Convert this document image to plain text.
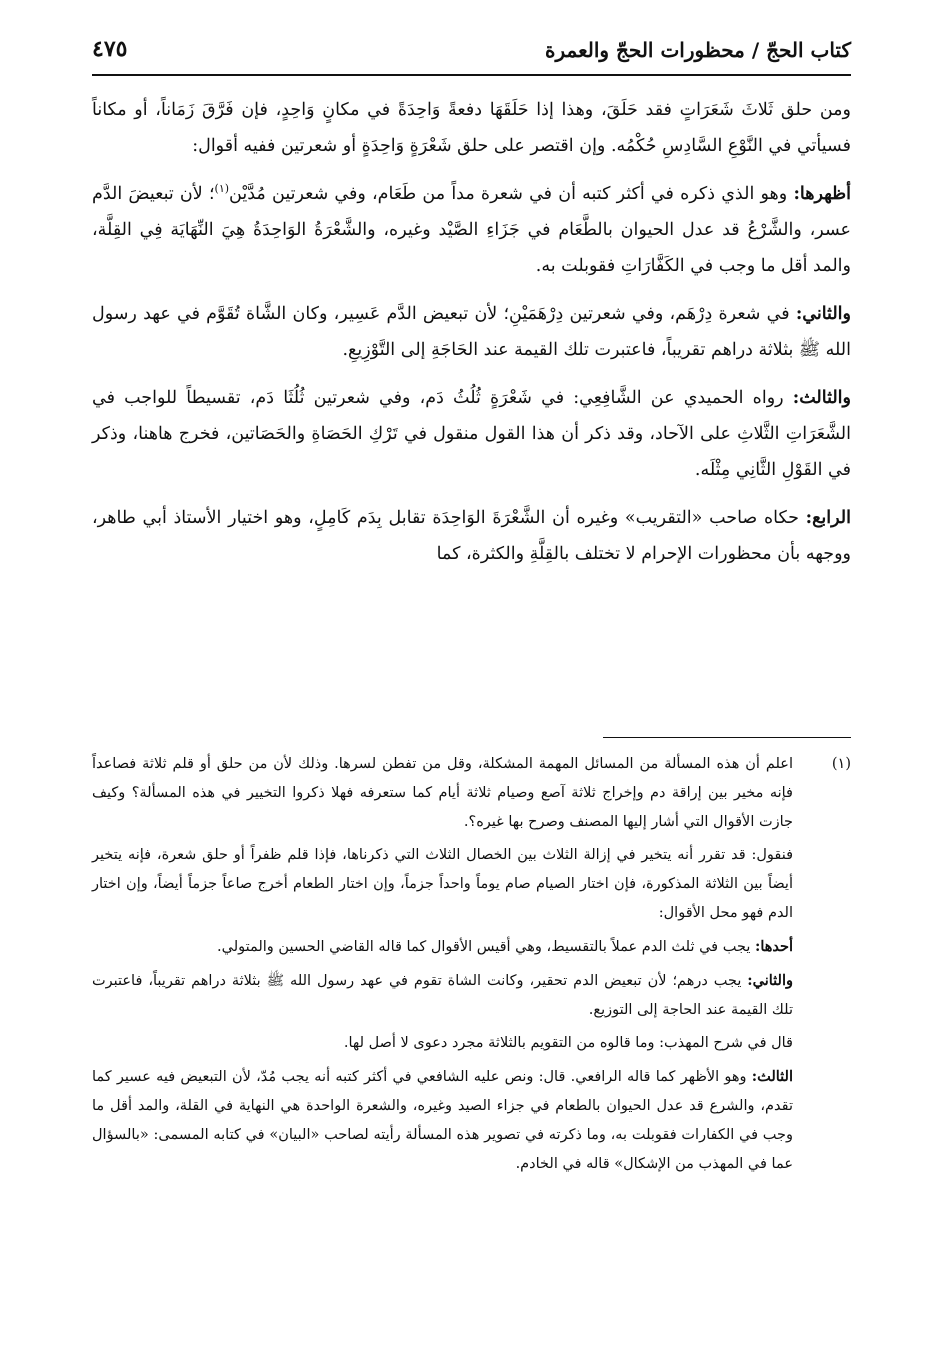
كتاب الحجّ / محظورات الحجّ والعمرة
٤٧٥

ومن حلق ثَلاثَ شَعَرَاتٍ فقد حَلَقَ، وهذا إذا حَلَقَهَا دفعةً وَاحِدَةً في مكانٍ وَاحِدٍ، فإن فَرَّقَ زَمَاناً، أو مكاناً فسيأتي في النَّوْعِ السَّادِسِ حُكْمُه. وإن اقتصر على حلق شَعْرَةٍ وَاحِدَةٍ أو شعرتين ففيه أقوال:

أظهرها: وهو الذي ذكره في أكثر كتبه أن في شعرة مداً من طَعَام، وفي شعرتين مُدَّيْن$^{(١)}$؛ لأن تبعيضَ الدَّم عسر، والشَّرْعُ قد عدل الحيوان بالطَّعَام في جَزَاءِ الصَّيْد وغيره، والشَّعْرَةُ الوَاحِدَةُ هِيَ النِّهَايَة فِي القِلَّة، والمد أقل ما وجب في الكَفَّارَاتِ فقوبلت به.

والثاني: في شعرة دِرْهَم، وفي شعرتين دِرْهَمَيْنِ؛ لأن تبعيض الدَّم عَسِير، وكان الشَّاة تُقَوَّم في عهد رسول الله ﷺ بثلاثة دراهم تقريباً، فاعتبرت تلك القيمة عند الحَاجَةِ إلى التَّوْزِيعِ.

والثالث: رواه الحميدي عن الشَّافِعِي: في شَعْرَةٍ ثُلُثُ دَم، وفي شعرتين ثُلُثَا دَم، تقسيطاً للواجب في الشَّعَرَاتِ الثَّلاثِ على الآحاد، وقد ذكر أن هذا القول منقول في تَرْكِ الحَصَاةِ والحَصَاتين، فخرج هاهنا، وذكر في القَوْلِ الثَّانِي مِثْلَه.

الرابع: حكاه صاحب «التقريب» وغيره أن الشَّعْرَةَ الوَاحِدَة تقابل بِدَم كَامِلٍ، وهو اختيار الأستاذ أبي طاهر، ووجهه بأن محظورات الإحرام لا تختلف بالقِلَّةِ والكثرة، كما

(١)

اعلم أن هذه المسألة من المسائل المهمة المشكلة، وقل من تفطن لسرها. وذلك لأن من حلق أو قلم ثلاثة فصاعداً فإنه مخير بين إراقة دم وإخراج ثلاثة آصع وصيام ثلاثة أيام كما ستعرفه فهلا ذكروا التخيير في هذه المسألة؟ وكيف جازت الأقوال التي أشار إليها المصنف وصرح بها غيره؟.

فنقول: قد تقرر أنه يتخير في إزالة الثلاث بين الخصال الثلاث التي ذكرناها، فإذا قلم ظفراً أو حلق شعرة، فإنه يتخير أيضاً بين الثلاثة المذكورة، فإن اختار الصيام صام يوماً واحداً جزماً، وإن اختار الطعام أخرج صاعاً جزماً أيضاً، وإن اختار الدم فهو محل الأقوال:

أحدها: يجب في ثلث الدم عملاً بالتقسيط، وهي أقيس الأقوال كما قاله القاضي الحسين والمتولي.

والثاني: يجب درهم؛ لأن تبعيض الدم تحقير، وكانت الشاة تقوم في عهد رسول الله ﷺ بثلاثة دراهم تقريباً، فاعتبرت تلك القيمة عند الحاجة إلى التوزيع.

قال في شرح المهذب: وما قالوه من التقويم بالثلاثة مجرد دعوى لا أصل لها.

الثالث: وهو الأظهر كما قاله الرافعي. قال: ونص عليه الشافعي في أكثر كتبه أنه يجب مُدّ، لأن التبعيض فيه عسير كما تقدم، والشرع قد عدل الحيوان بالطعام في جزاء الصيد وغيره، والشعرة الواحدة هي النهاية في القلة، والمد أقل ما وجب في الكفارات فقوبلت به، وما ذكرته في تصوير هذه المسألة رأيته لصاحب «البيان» في كتابه المسمى: «بالسؤال عما في المهذب من الإشكال» قاله في الخادم.
